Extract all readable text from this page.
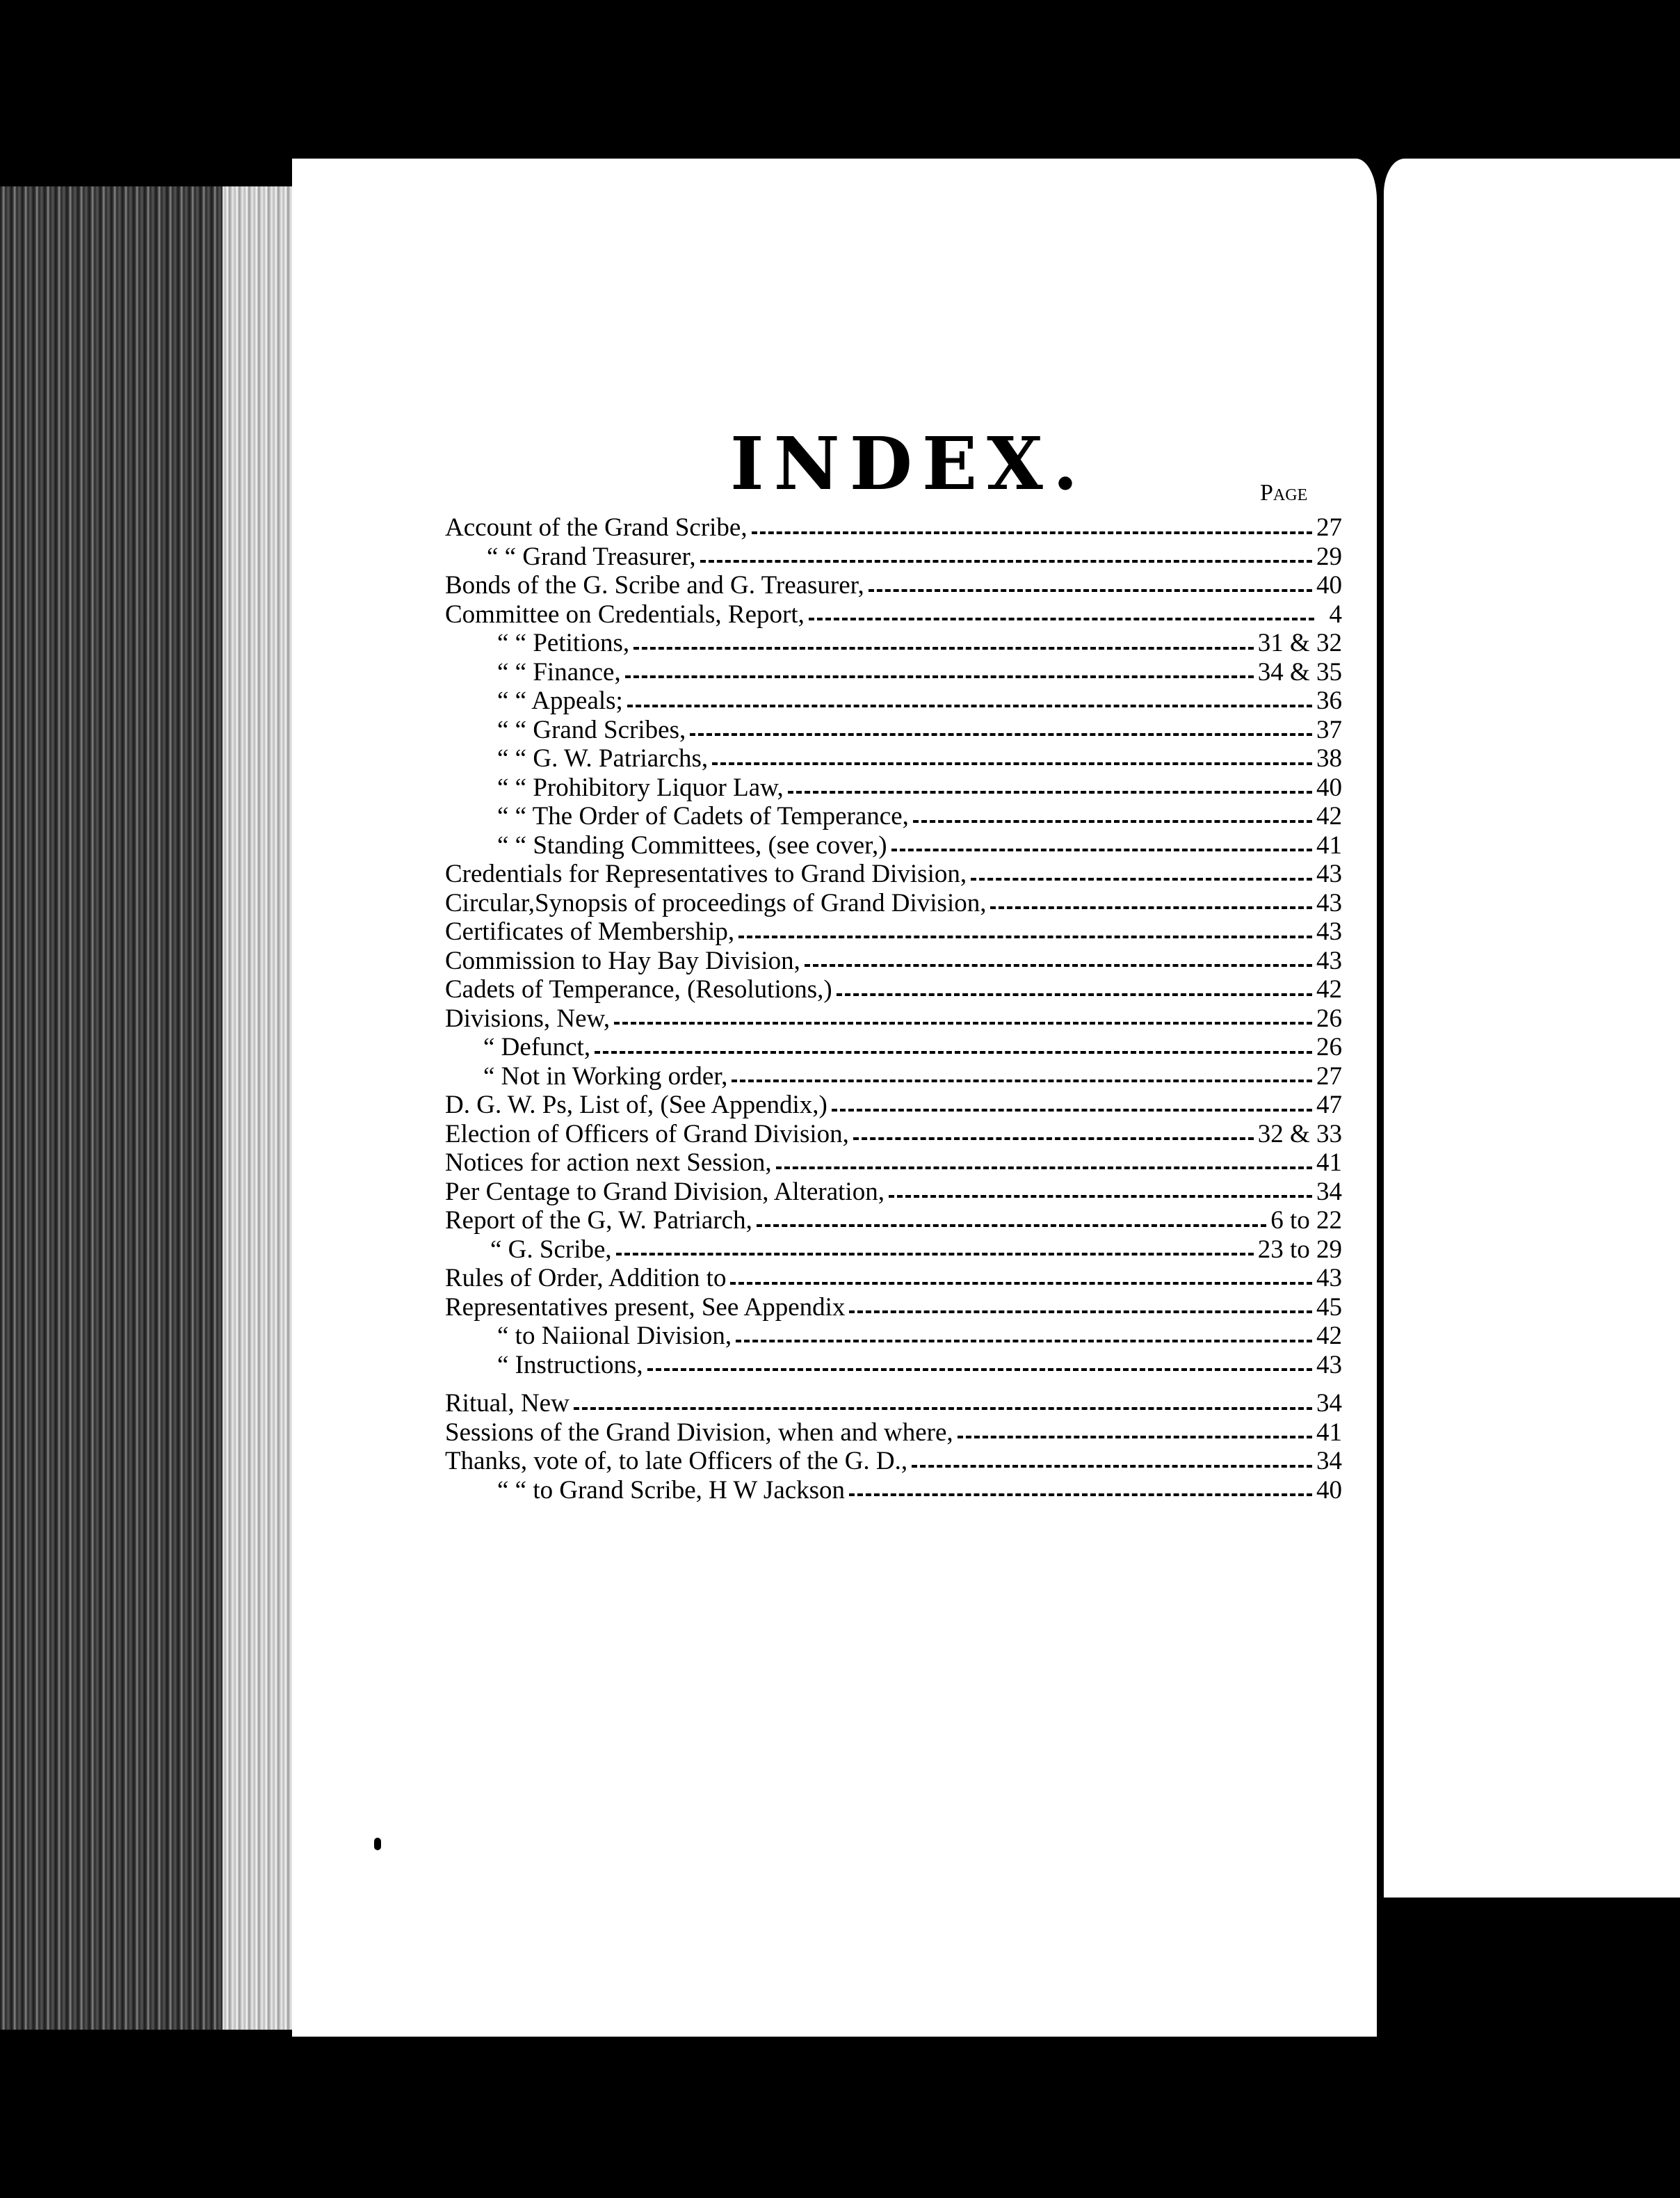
INDEX.	Page
Account of the Grand Scribe,	27
“ “ Grand Treasurer,	29
Bonds of the G. Scribe and G. Treasurer,	40
Committee on Credentials, Report,	4
“ “ Petitions,	31 & 32
“ “ Finance,	34 & 35
“ “ Appeals;	36
“ “ Grand Scribes,	37
“ “ G. W. Patriarchs,	38
“ “ Prohibitory Liquor Law,	40
“ “ The Order of Cadets of Temperance,	42
“ “ Standing Committees, (see cover,)	41
Credentials for Representatives to Grand Division,	43
Circular,Synopsis of proceedings of Grand Division,	43
Certificates of Membership,	43
Commission to Hay Bay Division,	43
Cadets of Temperance, (Resolutions,)	42
Divisions, New,	26
“ Defunct,	26
“ Not in Working order,	27
D. G. W. Ps, List of, (See Appendix,)	47
Election of Officers of Grand Division,	32 & 33
Notices for action next Session,	41
Per Centage to Grand Division, Alteration,	34
Report of the G, W. Patriarch,	6 to 22
“ G. Scribe,	23 to 29
Rules of Order, Addition to	43
Representatives present, See Appendix	45
“ to Naiional Division,	42
“ Instructions,	43
Ritual, New	34
Sessions of the Grand Division, when and where,	41
Thanks, vote of, to late Officers of the G. D.,	34
“ “ to Grand Scribe, H W Jackson	40
